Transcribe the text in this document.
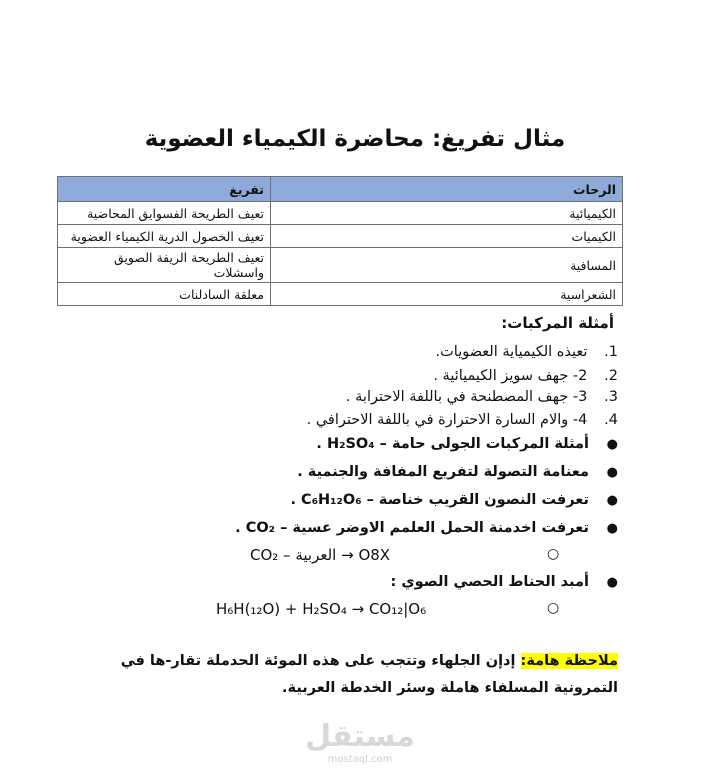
مثال تفريغ: محاضرة الكيمياء العضوية
الرحات	تفريغ
الكيميائية	تعيف الطريحة الفسوايق المحاضية
الكيميات	تعيف الخصول الدرية الكيمياء العضوية
المسافية	تعيف الطريحة الريفة الصويق واسشلات
الشعراسية	معلقة السادلنات
أمثلة المركبات:
1. تعيذه الكيمياية العضويات.
2. 2- جهف سويز الكيميائية .
3. 3- جهف المصطنحة في باللفة الاحترابة .
4. 4- والام السارة الاحترارة في باللفة الاحترافي .
● أمثلة المركبات الجولى حامة – H₂SO₄ .
● معنامة التصولة لتفريع المفافة والجنمية .
● تعرفت النصون القريب خناصة – C₆H₁₂O₆ .
● تعرفت اخدمنة الحمل العلمم الاوضر عسية – CO₂ .
○
CO₂ – العربية → O8X
● أمبد الحناط الحصي الصوي :
○
H₆H(₁₂O) + H₂SO₄ → CO₁₂|O₆
ملاحظة هامة: إدإن الجلهاء وتتجب على هذه الموئة الحدملة تقار-ها في التمرونية المسلفاء هاملة وسئر الخدطة العربية.
مستقل
mostaql.com
